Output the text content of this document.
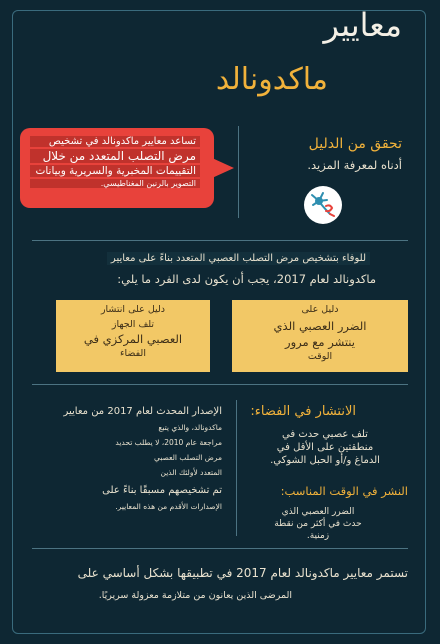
معايير
ماكدونالد
تساعد معايير ماكدونالد في تشخيص
مرض التصلب المتعدد من خلال
التقييمات المخبرية والسريرية وبيانات
التصوير بالرنين المغناطيسي.
تحقق من الدليل
أدناه لمعرفة المزيد.
للوفاء بتشخيص مرض التصلب العصبي المتعدد بناءً على معايير
ماكدونالد لعام 2017، يجب أن يكون لدى الفرد ما يلي:
دليل على
الضرر العصبي الذي
ينتشر مع مرور
الوقت
دليل على انتشار
تلف الجهاز
العصبي المركزي في
الفضاء
الإصدار المحدث لعام 2017 من معايير
ماكدونالد، والذي يتبع
مراجعة عام 2010، لا يطلب تحديد
مرض التصلب العصبي
المتعدد لأولئك الذين
تم تشخيصهم مسبقًا بناءً على
الإصدارات الأقدم من هذه المعايير.
الانتشار في الفضاء:
تلف عصبي حدث في
منطقتين على الأقل في
الدماغ و/أو الحبل الشوكي.
النشر في الوقت المناسب:
الضرر العصبي الذي
حدث في أكثر من نقطة
زمنية.
تستمر معايير ماكدونالد لعام 2017 في تطبيقها بشكل أساسي على
المرضى الذين يعانون من متلازمة معزولة سريريًا.
